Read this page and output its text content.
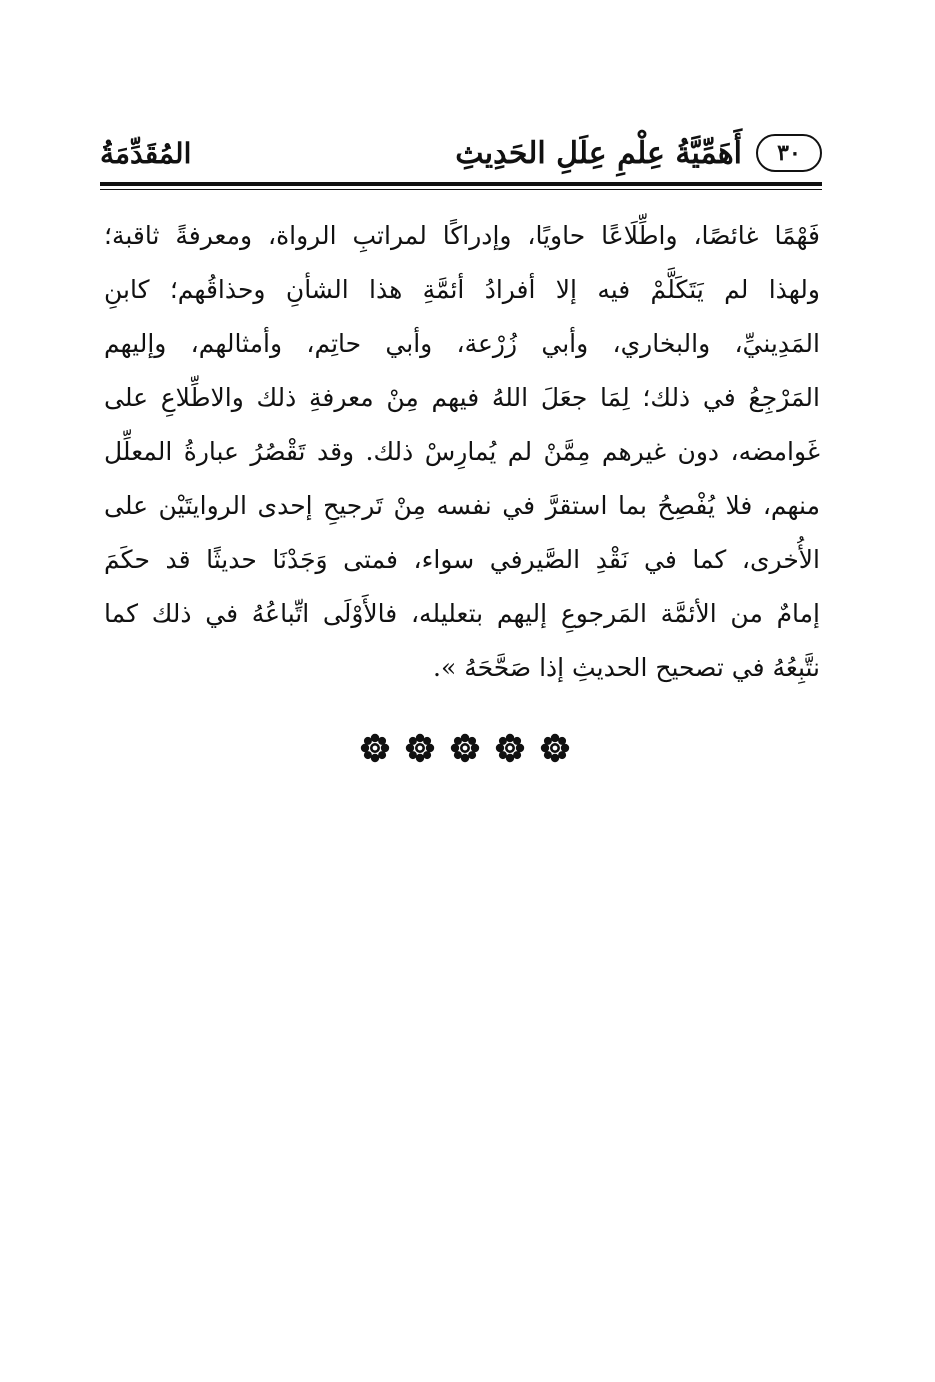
٣٠
أَهَمِّيَّةُ عِلْمِ عِلَلِ الحَدِيثِ
المُقَدِّمَةُ
فَهْمًا غائصًا، واطِّلَاعًا حاويًا، وإدراكًا لمراتبِ الرواة، ومعرفةً ثاقبة؛
ولهذا لم يَتَكَلَّمْ فيه إلا أفرادُ أئمَّةِ هذا الشأنِ وحذاقُهم؛ كابنِ
المَدِينيِّ، والبخاري، وأبي زُرْعة، وأبي حاتِم، وأمثالهم، وإليهم
المَرْجِعُ في ذلك؛ لِمَا جعَلَ اللهُ فيهم مِنْ معرفةِ ذلك والاطِّلاعِ على
غَوامضه، دون غيرهم مِمَّنْ لم يُمارِسْ ذلك. وقد تَقْصُرُ عبارةُ المعلِّل
منهم، فلا يُفْصِحُ بما استقرَّ في نفسه مِنْ تَرجيحِ إحدى الروايتَيْن على
الأُخرى، كما في نَقْدِ الصَّيرفي سواء، فمتى وَجَدْنَا حديثًا قد حكَمَ
إمامٌ من الأئمَّة المَرجوعِ إليهم بتعليله، فالأَوْلَى اتِّباعُهُ في ذلك كما
نتَّبِعُهُ في تصحيح الحديثِ إذا صَحَّحَهُ ».
